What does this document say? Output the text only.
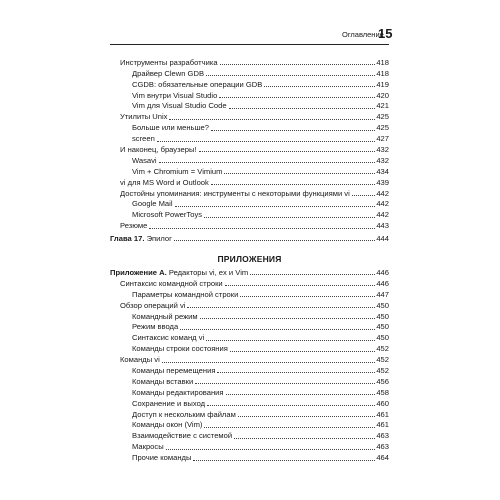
Оглавление
15
Инструменты разработчика	418
Драйвер Clewn GDB	418
CGDB: обязательные операции GDB	419
Vim внутри Visual Studio	420
Vim для Visual Studio Code	421
Утилиты Unix	425
Больше или меньше?	425
screen	427
И наконец, браузеры!	432
Wasavi	432
Vim + Chromium = Vimium	434
vi для MS Word и Outlook	439
Достойны упоминания: инструменты с некоторыми функциями vi	442
Google Mail	442
Microsoft PowerToys	442
Резюме	443
Глава 17. Эпилог	444
ПРИЛОЖЕНИЯ
Приложение A. Редакторы vi, ex и Vim	446
Синтаксис командной строки	446
Параметры командной строки	447
Обзор операций vi	450
Командный режим	450
Режим ввода	450
Синтаксис команд vi	450
Команды строки состояния	452
Команды vi	452
Команды перемещения	452
Команды вставки	456
Команды редактирования	458
Сохранение и выход	460
Доступ к нескольким файлам	461
Команды окон (Vim)	461
Взаимодействие с системой	463
Макросы	463
Прочие команды	464
